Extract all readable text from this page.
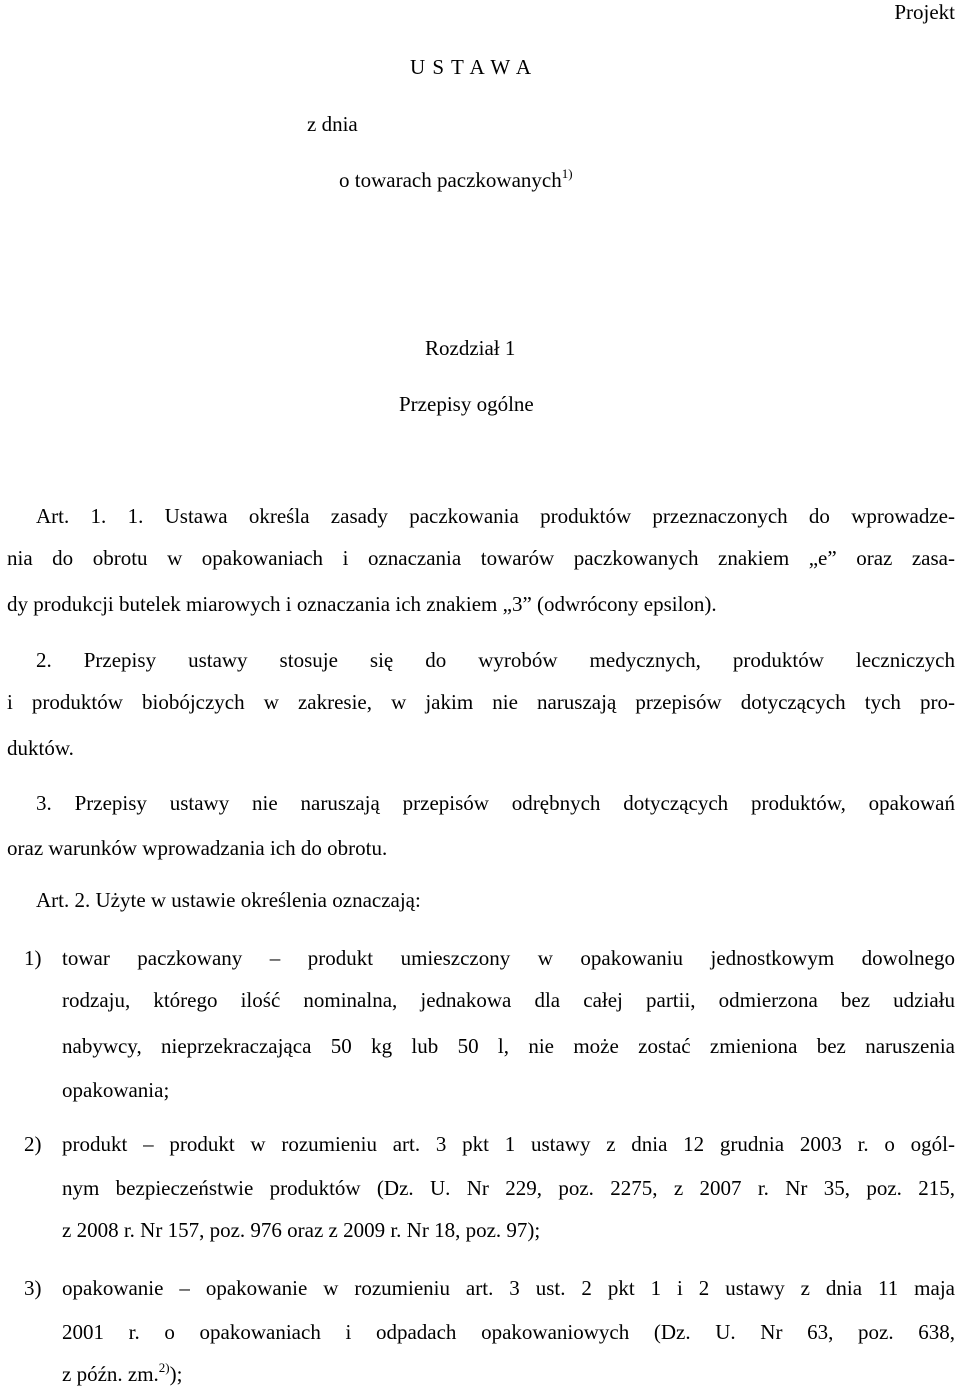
Projekt
U S T A W A
z dnia
o towarach paczkowanych$^{1)}$
Rozdział 1
Przepisy ogólne
Art. 1. 1. Ustawa określa zasady paczkowania produktów przeznaczonych do wprowadze-
nia do obrotu w opakowaniach i oznaczania towarów paczkowanych znakiem „e” oraz zasa-
dy produkcji butelek miarowych i oznaczania ich znakiem „3” (odwrócony epsilon).
2. Przepisy ustawy stosuje się do wyrobów medycznych, produktów leczniczych
i produktów biobójczych w zakresie, w jakim nie naruszają przepisów dotyczących tych pro-
duktów.
3. Przepisy ustawy nie naruszają przepisów odrębnych dotyczących produktów, opakowań
oraz warunków wprowadzania ich do obrotu.
Art. 2. Użyte w ustawie określenia oznaczają:
1) towar paczkowany – produkt umieszczony w opakowaniu jednostkowym dowolnego
rodzaju, którego ilość nominalna, jednakowa dla całej partii, odmierzona bez udziału
nabywcy, nieprzekraczająca 50 kg lub 50 l, nie może zostać zmieniona bez naruszenia
opakowania;
2) produkt – produkt w rozumieniu art. 3 pkt 1 ustawy z dnia 12 grudnia 2003 r. o ogól-
nym bezpieczeństwie produktów (Dz. U. Nr 229, poz. 2275, z 2007 r. Nr 35, poz. 215,
z 2008 r. Nr 157, poz. 976 oraz z 2009 r. Nr 18, poz. 97);
3) opakowanie – opakowanie w rozumieniu art. 3 ust. 2 pkt 1 i 2 ustawy z dnia 11 maja
2001 r. o opakowaniach i odpadach opakowaniowych (Dz. U. Nr 63, poz. 638,
z późn. zm.$^{2)}$);
